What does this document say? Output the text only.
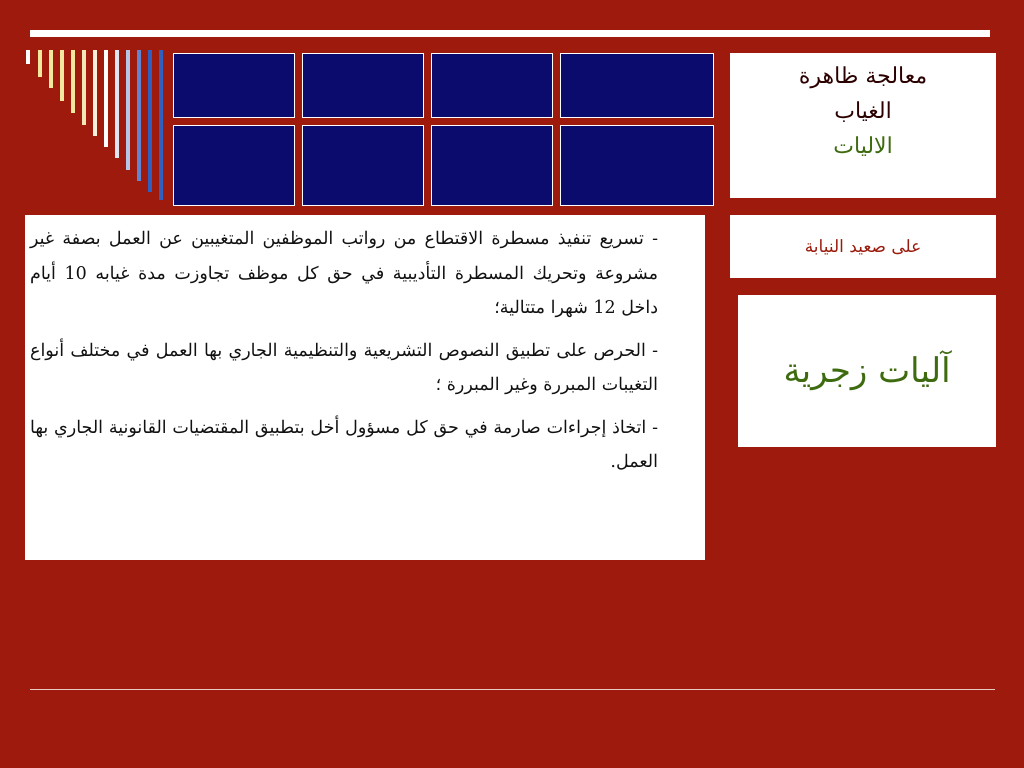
معالجة ظاهرة
الغياب
الاليات
على صعيد النيابة
آليات زجرية

- تسريع تنفيذ مسطرة الاقتطاع من رواتب الموظفين المتغيبين عن العمل بصفة غير مشروعة وتحريك المسطرة التأديبية في حق كل موظف تجاوزت مدة غيابه 10 أيام داخل 12 شهرا متتالية؛

- الحرص على تطبيق النصوص التشريعية والتنظيمية الجاري بها العمل في مختلف أنواع التغيبات المبررة وغير المبررة ؛

- اتخاذ إجراءات صارمة في حق كل مسؤول أخل بتطبيق المقتضيات القانونية الجاري بها العمل.
